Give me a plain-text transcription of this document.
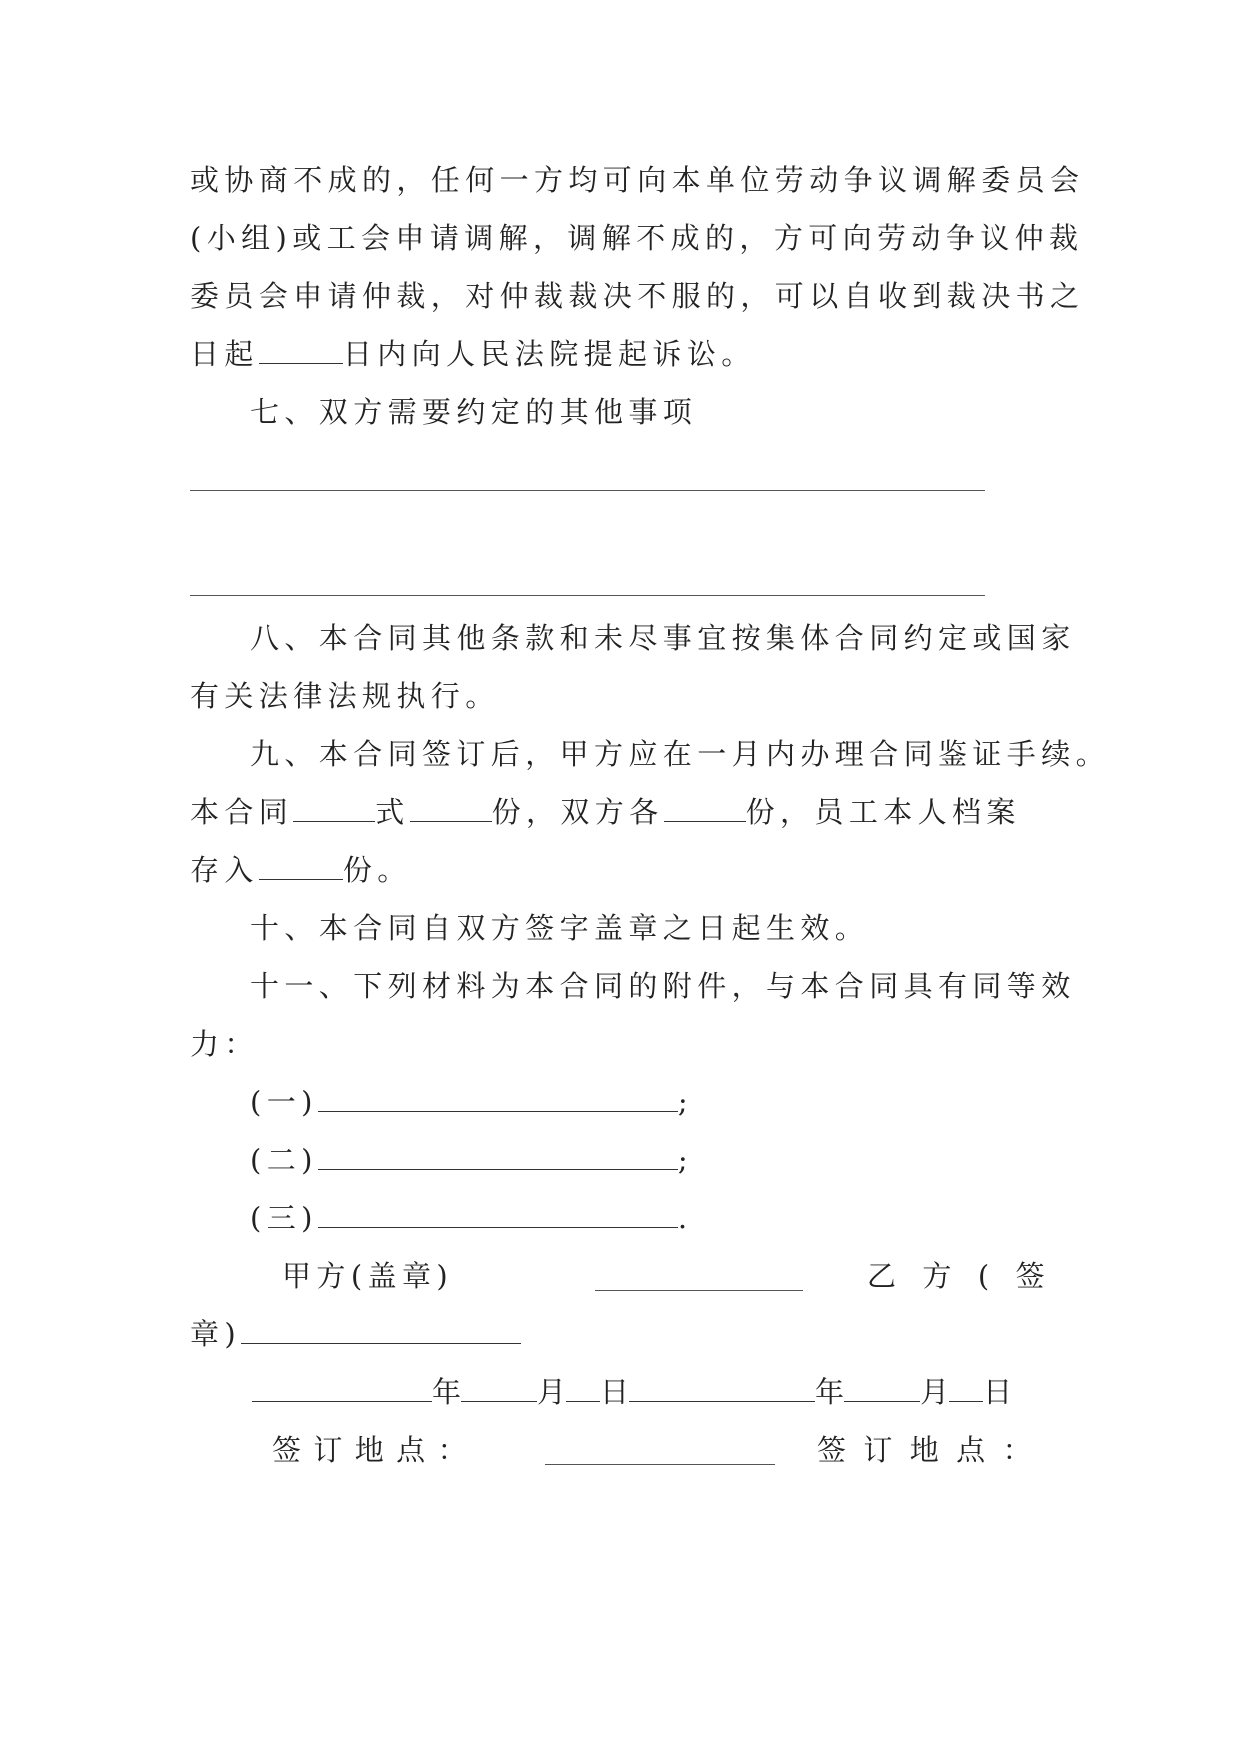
或协商不成的，任何一方均可向本单位劳动争议调解委员会
(小组)或工会申请调解，调解不成的，方可向劳动争议仲裁
委员会申请仲裁，对仲裁裁决不服的，可以自收到裁决书之
日起	日内向人民法院提起诉讼。
七、双方需要约定的其他事项
八、本合同其他条款和未尽事宜按集体合同约定或国家
有关法律法规执行。
九、本合同签订后，甲方应在一月内办理合同鉴证手续。
本合同	式	份，双方各	份，员工本人档案
存入	份。
十、本合同自双方签字盖章之日起生效。
十一、下列材料为本合同的附件，与本合同具有同等效
力：
(一)	;
(二)	;
(三)	.
甲 方 ( 盖 章 )	乙 方 ( 签
章)
年	月 日	年	月 日
签 订 地 点 ：	签 订 地 点 ：
